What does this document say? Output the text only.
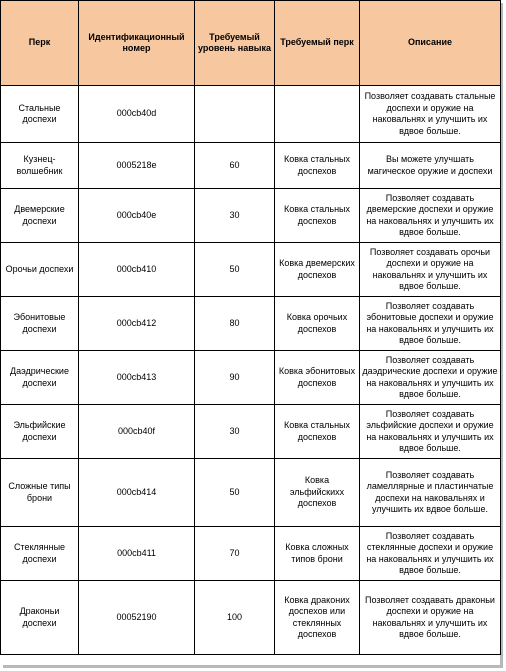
Перк	Идентификационный номер	Требуемый уровень навыка	Требуемый перк	Описание
Стальные доспехи	000cb40d			Позволяет создавать стальные доспехи и оружие на наковальнях и улучшить их вдвое больше.
Кузнец-волшебник	0005218e	60	Ковка стальных доспехов	Вы можете улучшать магическое оружие и доспехи
Двемерские доспехи	000cb40e	30	Ковка стальных доспехов	Позволяет создавать двемерские доспехи и оружие на наковальнях и улучшить их вдвое больше.
Орочьи доспехи	000cb410	50	Ковка двемерских доспехов	Позволяет создавать орочьи доспехи и оружие на наковальнях и улучшить их вдвое больше.
Эбонитовые доспехи	000cb412	80	Ковка орочьих доспехов	Позволяет создавать эбонитовые доспехи и оружие на наковальнях и улучшить их вдвое больше.
Даэдрические доспехи	000cb413	90	Ковка эбонитовых доспехов	Позволяет создавать даэдрические доспехи и оружие на наковальнях и улучшить их вдвое больше.
Эльфийские доспехи	000cb40f	30	Ковка стальных доспехов	Позволяет создавать эльфийские доспехи и оружие на наковальнях и улучшить их вдвое больше.
Сложные типы брони	000cb414	50	Ковка эльфийскихх доспехов	Позволяет создавать ламеллярные и пластинчатые доспехи на наковальнях и улучшить их вдвое больше.
Стеклянные доспехи	000cb411	70	Ковка сложных типов брони	Позволяет создавать стеклянные доспехи и оружие на наковальнях и улучшить их вдвое больше.
Драконьи доспехи	00052190	100	Ковка драконих доспехов или стеклянных доспехов	Позволяет создавать драконьи доспехи и оружие на наковальнях и улучшить их вдвое больше.
